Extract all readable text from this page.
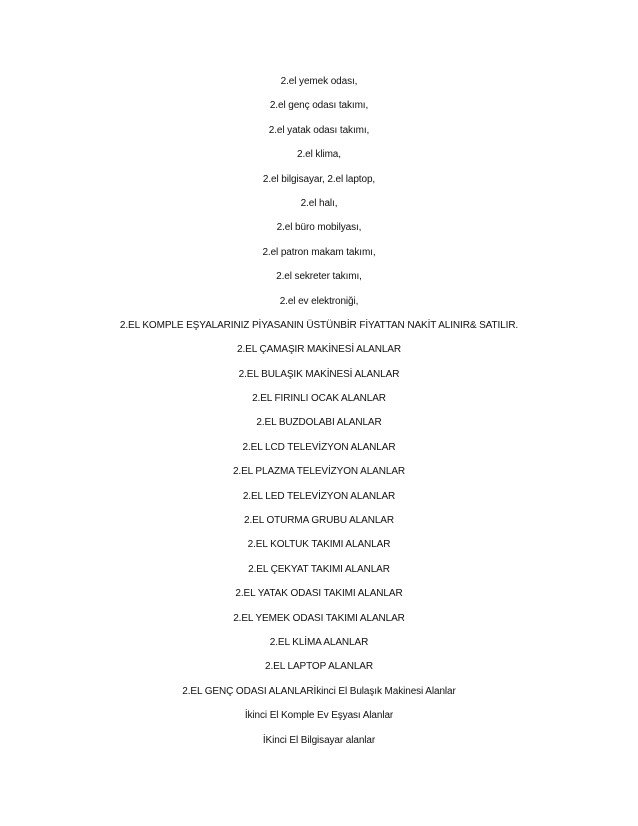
2.el yemek odası,
2.el genç odası takımı,
2.el yatak odası takımı,
2.el klima,
2.el bilgisayar, 2.el laptop,
2.el halı,
2.el büro mobilyası,
2.el patron makam takımı,
2.el sekreter takımı,
2.el ev elektroniği,
2.EL KOMPLE EŞYALARINIZ PİYASANIN ÜSTÜNBİR FİYATTAN NAKİT ALINIR& SATILIR.
2.EL ÇAMAŞIR MAKİNESİ ALANLAR
2.EL BULAŞIK MAKİNESİ ALANLAR
2.EL FIRINLI OCAK ALANLAR
2.EL BUZDOLABI ALANLAR
2.EL LCD TELEVİZYON ALANLAR
2.EL PLAZMA TELEVİZYON ALANLAR
2.EL LED TELEVİZYON ALANLAR
2.EL OTURMA GRUBU ALANLAR
2.EL KOLTUK TAKIMI ALANLAR
2.EL ÇEKYAT TAKIMI ALANLAR
2.EL YATAK ODASI TAKIMI ALANLAR
2.EL YEMEK ODASI TAKIMI ALANLAR
2.EL KLİMA ALANLAR
2.EL LAPTOP ALANLAR
2.EL GENÇ ODASI ALANLARİkinci El Bulaşık Makinesi Alanlar
İkinci El Komple Ev Eşyası Alanlar
İKinci El Bilgisayar alanlar
